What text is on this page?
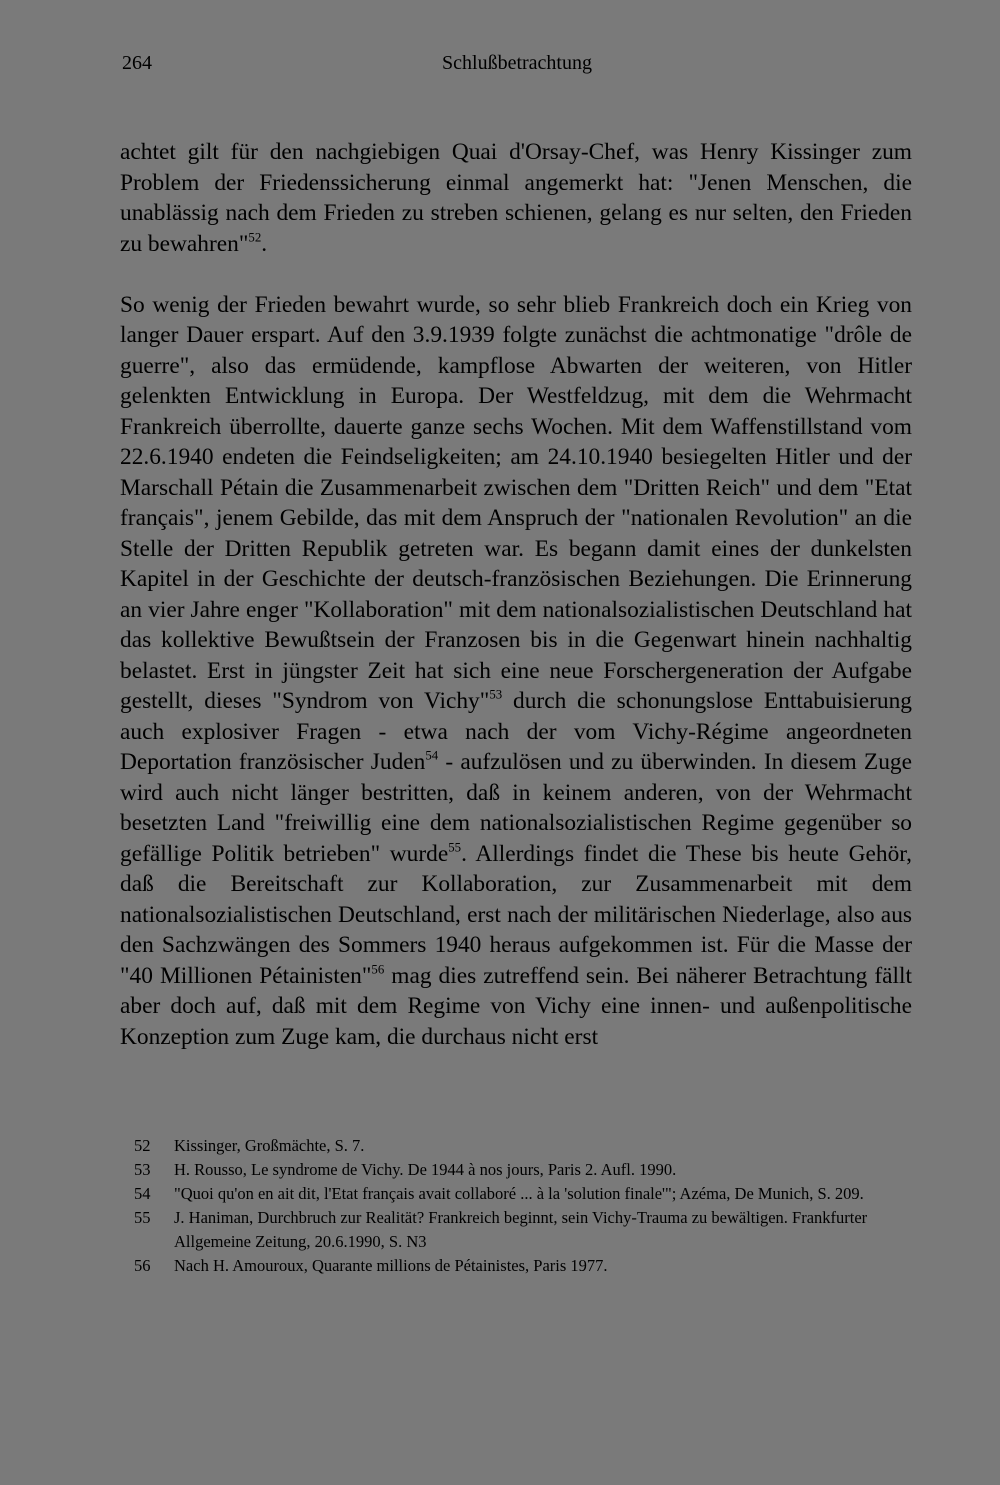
264	Schlußbetrachtung

achtet gilt für den nachgiebigen Quai d'Orsay-Chef, was Henry Kissinger zum Problem der Friedenssicherung einmal angemerkt hat: "Jenen Menschen, die unablässig nach dem Frieden zu streben schienen, gelang es nur selten, den Frieden zu bewahren"$^{52}$.

So wenig der Frieden bewahrt wurde, so sehr blieb Frankreich doch ein Krieg von langer Dauer erspart. Auf den 3.9.1939 folgte zunächst die achtmonatige "drôle de guerre", also das ermüdende, kampflose Abwarten der weiteren, von Hitler gelenkten Entwicklung in Europa. Der Westfeldzug, mit dem die Wehrmacht Frankreich überrollte, dauerte ganze sechs Wochen. Mit dem Waffenstillstand vom 22.6.1940 endeten die Feindseligkeiten; am 24.10.1940 besiegelten Hitler und der Marschall Pétain die Zusammenarbeit zwischen dem "Dritten Reich" und dem "Etat français", jenem Gebilde, das mit dem Anspruch der "nationalen Revolution" an die Stelle der Dritten Republik getreten war. Es begann damit eines der dunkelsten Kapitel in der Geschichte der deutsch-französischen Beziehungen. Die Erinnerung an vier Jahre enger "Kollaboration" mit dem nationalsozialistischen Deutschland hat das kollektive Bewußtsein der Franzosen bis in die Gegenwart hinein nachhaltig belastet. Erst in jüngster Zeit hat sich eine neue Forschergeneration der Aufgabe gestellt, dieses "Syndrom von Vichy"$^{53}$ durch die schonungslose Enttabuisierung auch explosiver Fragen - etwa nach der vom Vichy-Régime angeordneten Deportation französischer Juden$^{54}$ - aufzulösen und zu überwinden. In diesem Zuge wird auch nicht länger bestritten, daß in keinem anderen, von der Wehrmacht besetzten Land "freiwillig eine dem nationalsozialistischen Regime gegenüber so gefällige Politik betrieben" wurde$^{55}$. Allerdings findet die These bis heute Gehör, daß die Bereitschaft zur Kollaboration, zur Zusammenarbeit mit dem nationalsozialistischen Deutschland, erst nach der militärischen Niederlage, also aus den Sachzwängen des Sommers 1940 heraus aufgekommen ist. Für die Masse der "40 Millionen Pétainisten"$^{56}$ mag dies zutreffend sein. Bei näherer Betrachtung fällt aber doch auf, daß mit dem Regime von Vichy eine innen- und außenpolitische Konzeption zum Zuge kam, die durchaus nicht erst

52	Kissinger, Großmächte, S. 7.
53	H. Rousso, Le syndrome de Vichy. De 1944 à nos jours, Paris 2. Aufl. 1990.
54	"Quoi qu'on en ait dit, l'Etat français avait collaboré ... à la 'solution finale'"; Azéma, De Munich, S. 209.
55	J. Haniman, Durchbruch zur Realität? Frankreich beginnt, sein Vichy-Trauma zu bewältigen. Frankfurter Allgemeine Zeitung, 20.6.1990, S. N3
56	Nach H. Amouroux, Quarante millions de Pétainistes, Paris 1977.
